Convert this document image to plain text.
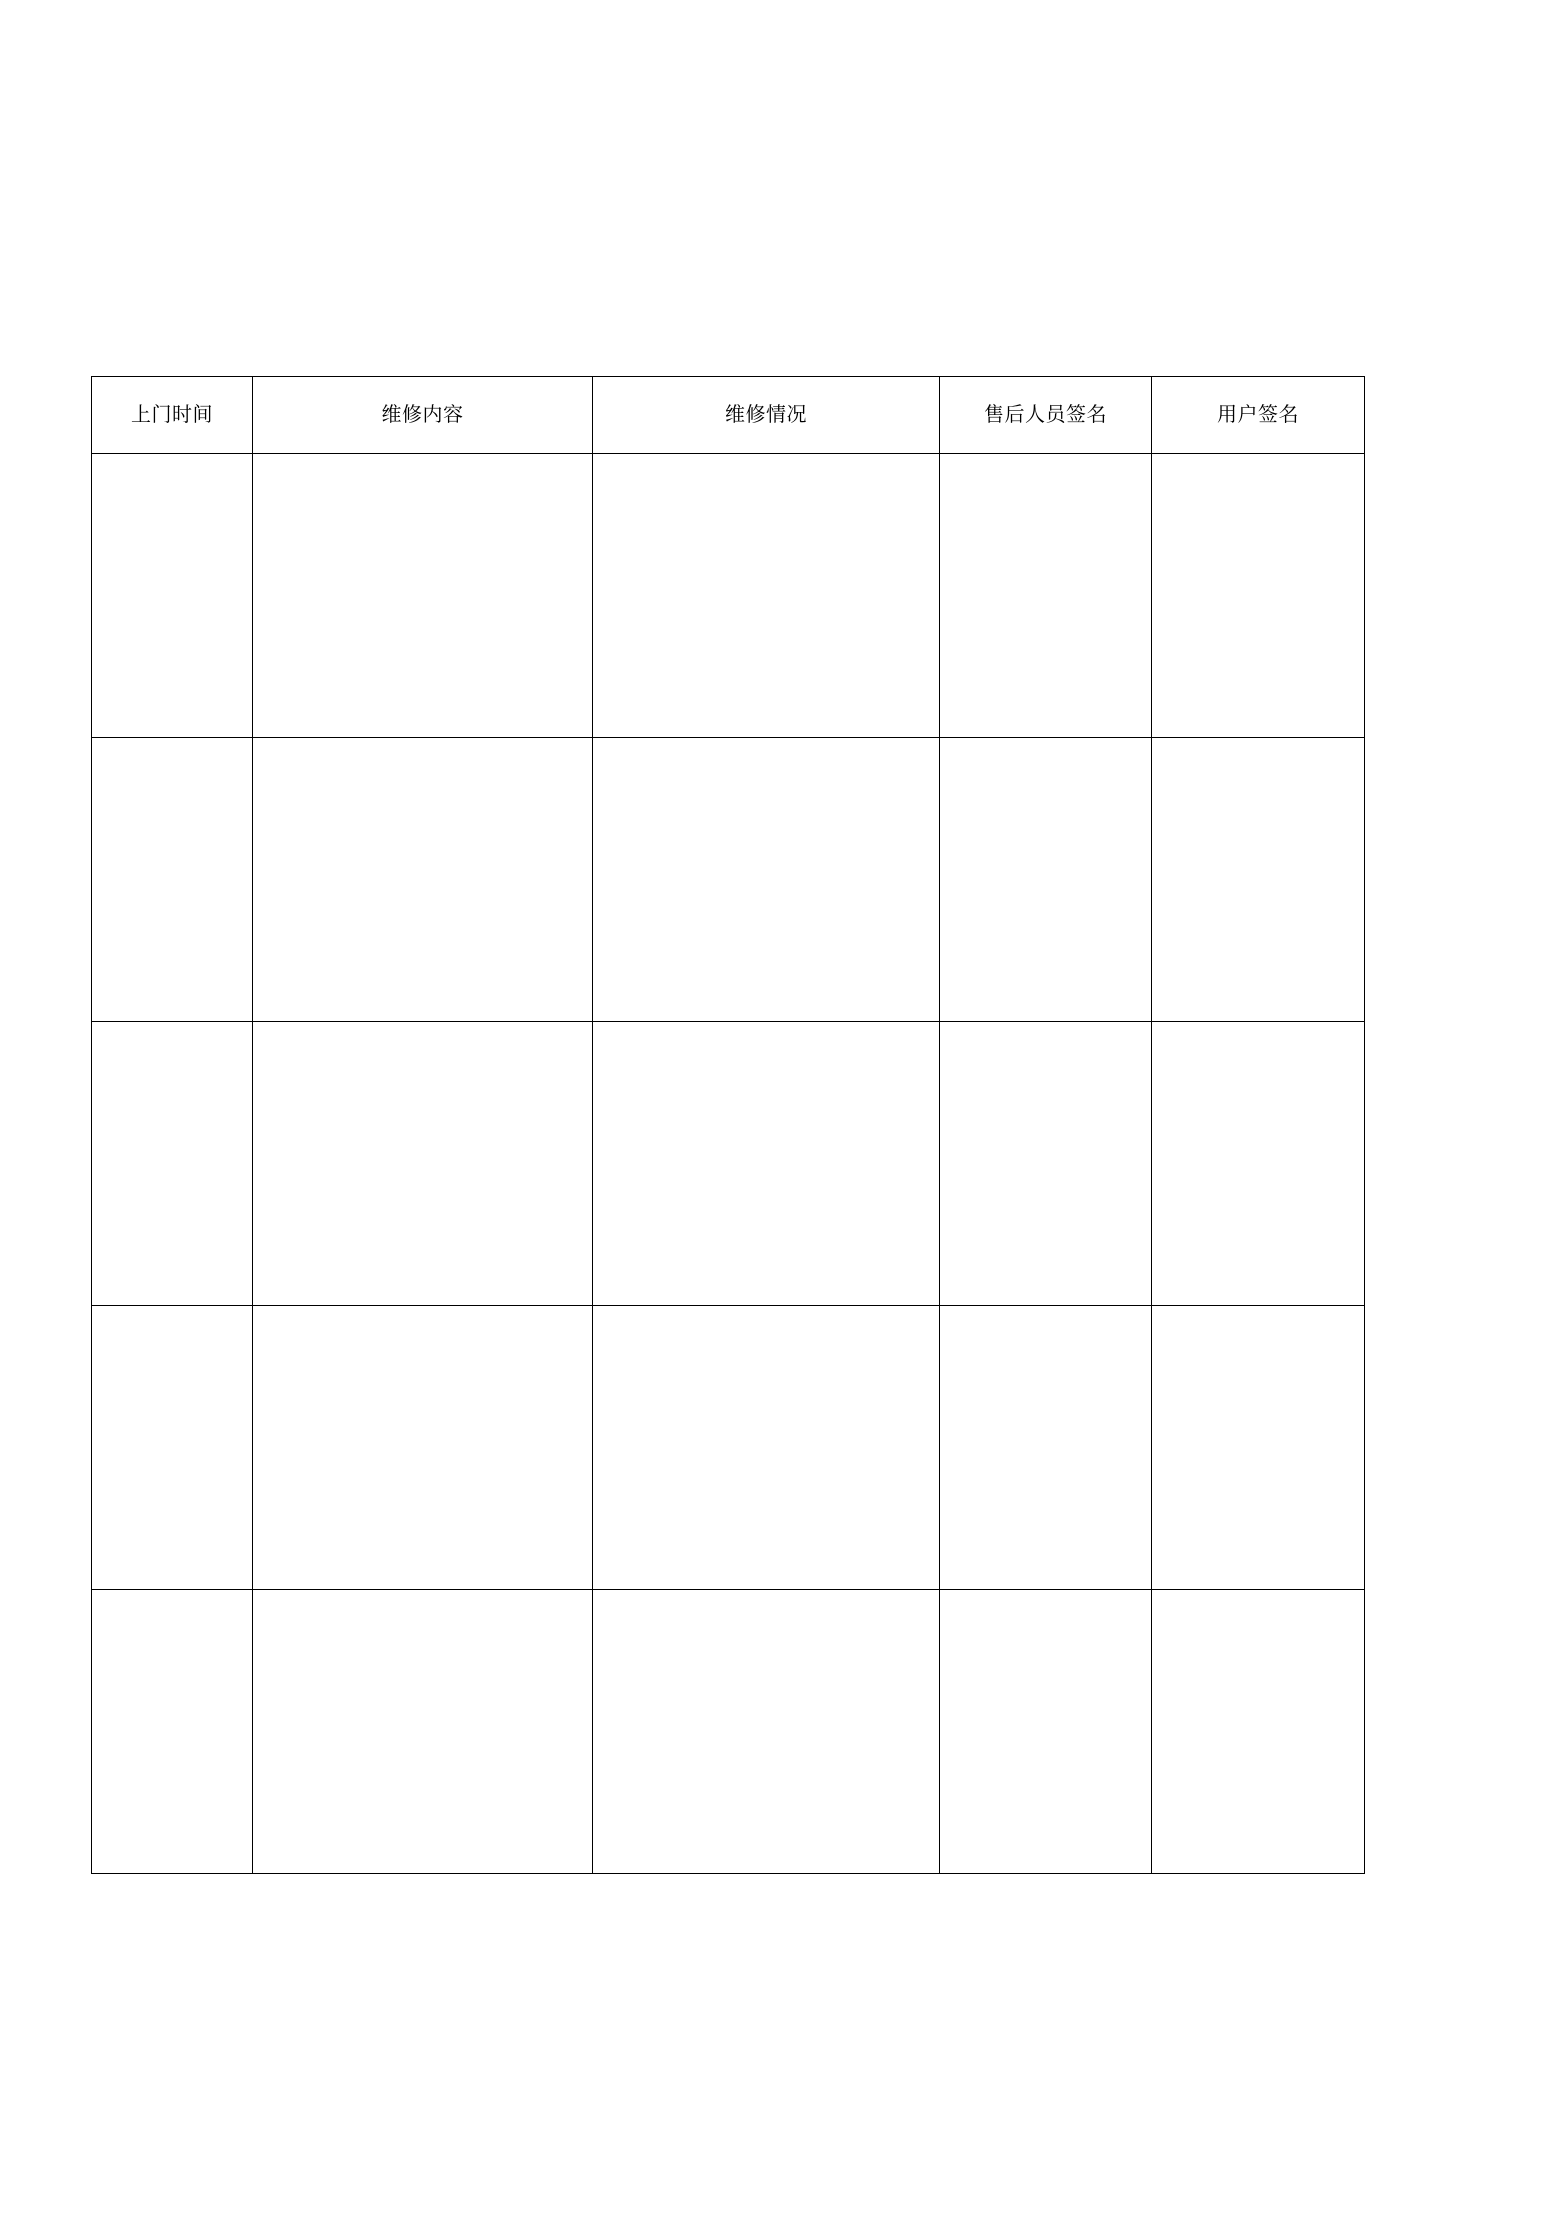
上门时间	维修内容	维修情况	售后人员签名	用户签名
